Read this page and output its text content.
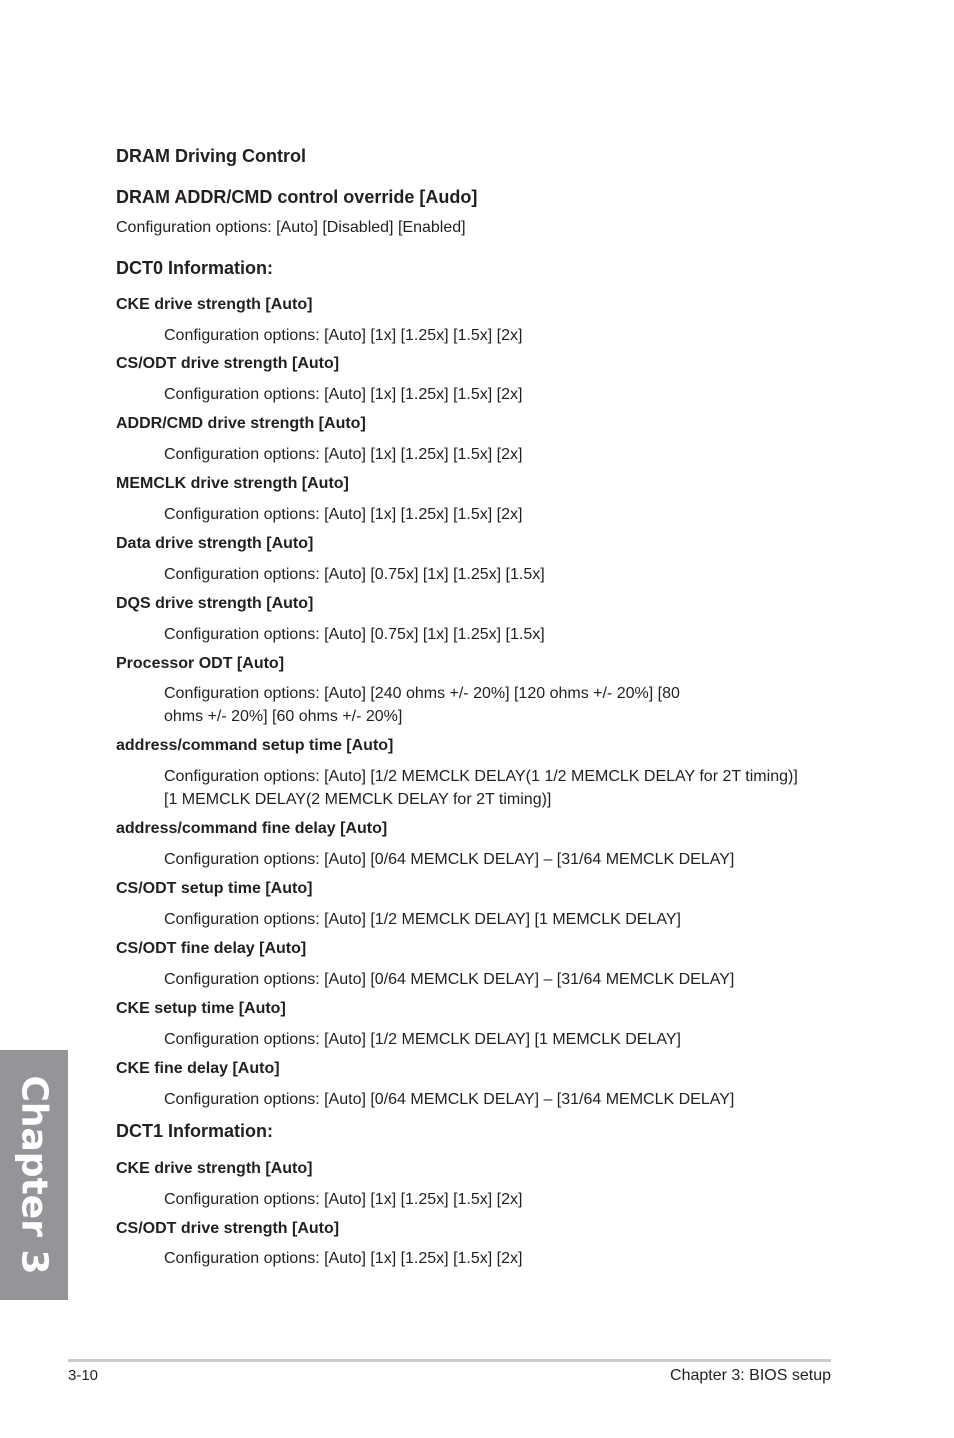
DRAM Driving Control
DRAM ADDR/CMD control override [Audo]
Configuration options: [Auto] [Disabled] [Enabled]
DCT0 Information:
CKE drive strength [Auto]
Configuration options: [Auto] [1x] [1.25x] [1.5x] [2x]
CS/ODT drive strength [Auto]
Configuration options: [Auto] [1x] [1.25x] [1.5x] [2x]
ADDR/CMD drive strength [Auto]
Configuration options: [Auto] [1x] [1.25x] [1.5x] [2x]
MEMCLK drive strength [Auto]
Configuration options: [Auto] [1x] [1.25x] [1.5x] [2x]
Data drive strength [Auto]
Configuration options: [Auto] [0.75x] [1x] [1.25x] [1.5x]
DQS drive strength [Auto]
Configuration options: [Auto] [0.75x] [1x] [1.25x] [1.5x]
Processor ODT [Auto]
Configuration options: [Auto] [240 ohms +/- 20%] [120 ohms +/- 20%] [80 ohms +/- 20%] [60 ohms +/- 20%]
address/command setup time [Auto]
Configuration options: [Auto] [1/2 MEMCLK DELAY(1 1/2 MEMCLK DELAY for 2T timing)] [1 MEMCLK DELAY(2 MEMCLK DELAY for 2T timing)]
address/command fine delay [Auto]
Configuration options: [Auto] [0/64 MEMCLK DELAY] – [31/64 MEMCLK DELAY]
CS/ODT setup time [Auto]
Configuration options: [Auto] [1/2 MEMCLK DELAY] [1 MEMCLK DELAY]
CS/ODT fine delay [Auto]
Configuration options: [Auto] [0/64 MEMCLK DELAY] – [31/64 MEMCLK DELAY]
CKE setup time [Auto]
Configuration options: [Auto] [1/2 MEMCLK DELAY] [1 MEMCLK DELAY]
CKE fine delay [Auto]
Configuration options: [Auto] [0/64 MEMCLK DELAY] – [31/64 MEMCLK DELAY]
DCT1 Information:
CKE drive strength [Auto]
Configuration options: [Auto] [1x] [1.25x] [1.5x] [2x]
CS/ODT drive strength [Auto]
Configuration options: [Auto] [1x] [1.25x] [1.5x] [2x]
Chapter 3
3-10	Chapter 3: BIOS setup
